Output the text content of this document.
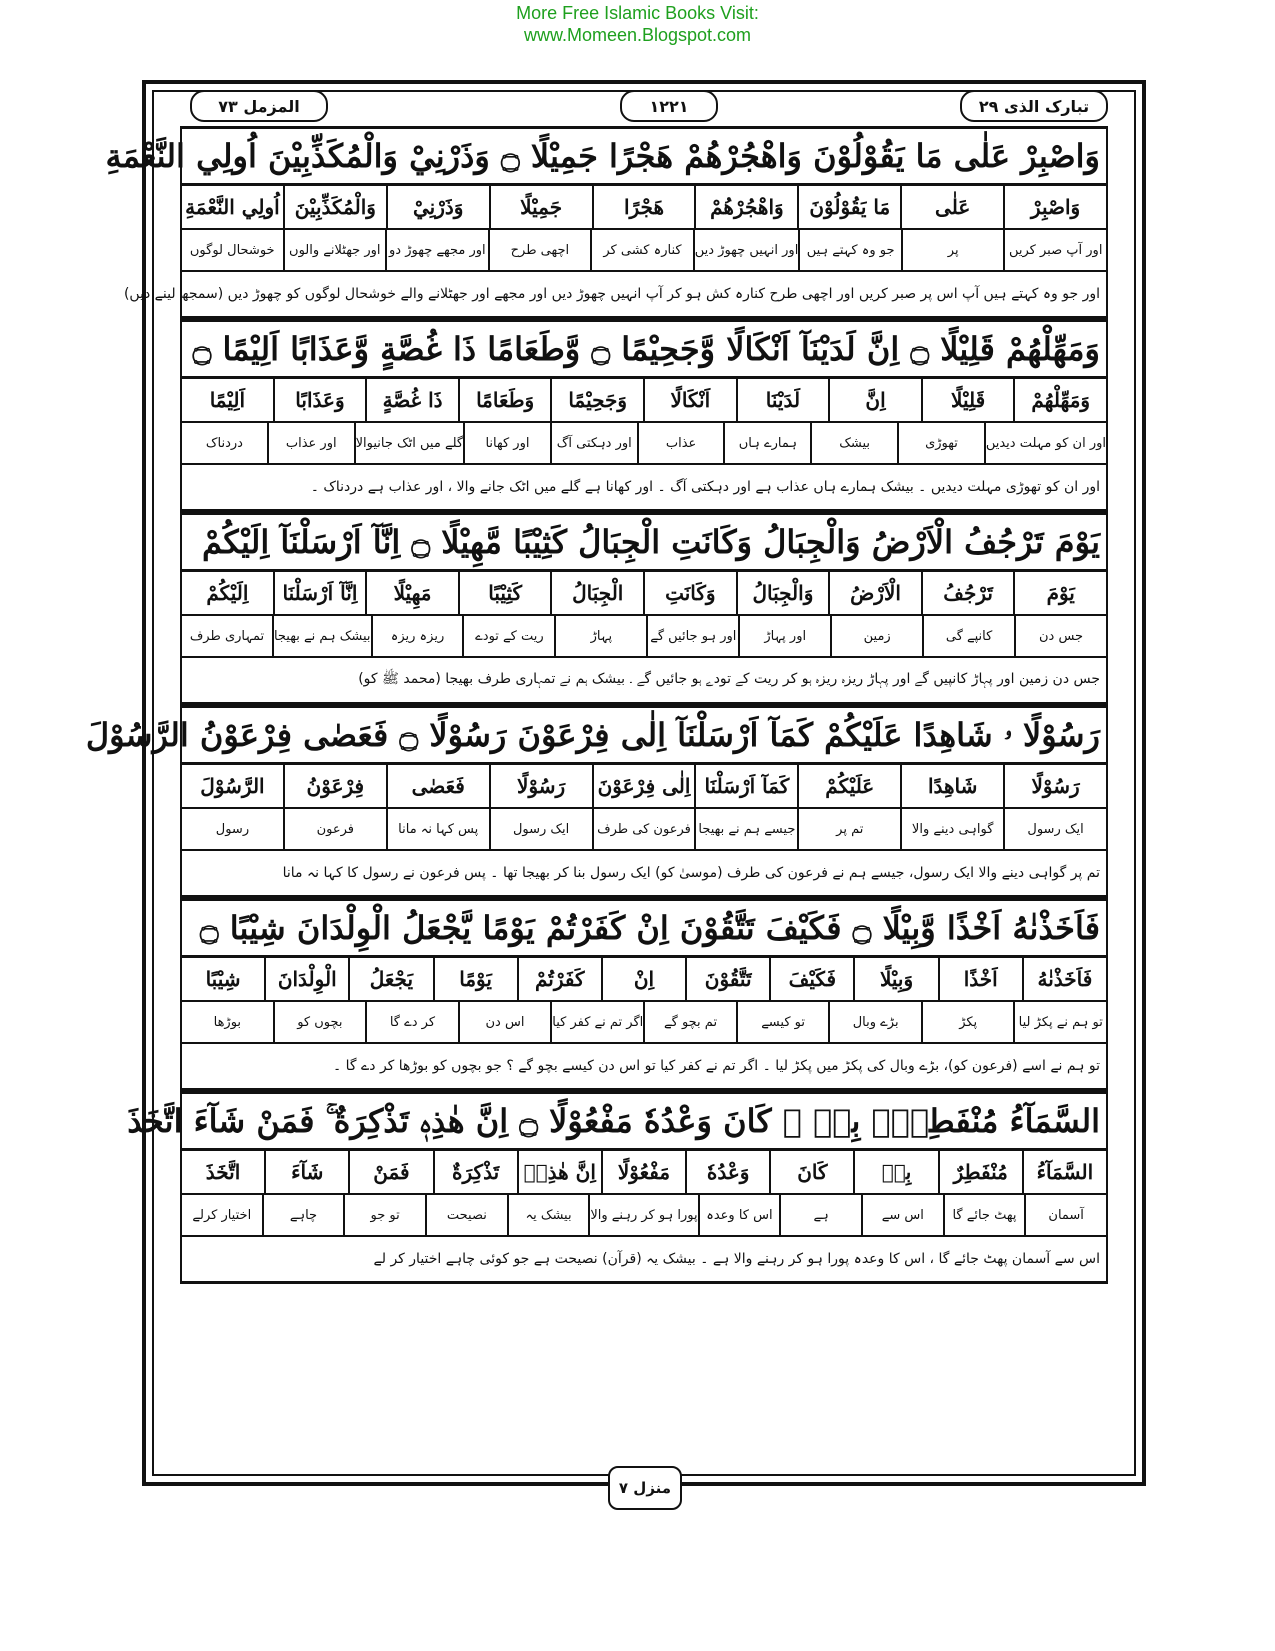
More Free Islamic Books Visit:
www.Momeen.Blogspot.com
المزمل ۷۳	۱۲۲۱	تبارک الذی ۲۹
وَاصْبِرْ عَلٰى مَا يَقُوْلُوْنَ وَاهْجُرْهُمْ هَجْرًا جَمِيْلًا ۝ وَذَرْنِيْ وَالْمُكَذِّبِيْنَ اُولِي النَّعْمَةِ
وَاصْبِرْ
عَلٰى
مَا يَقُوْلُوْنَ
وَاهْجُرْهُمْ
هَجْرًا
جَمِيْلًا
وَذَرْنِيْ
وَالْمُكَذِّبِيْنَ
اُولِي النَّعْمَةِ
اور آپ صبر کریں
پر
جو وہ کہتے ہیں
اور انہیں چھوڑ دیں
کنارہ کشی کر
اچھی طرح
اور مجھے چھوڑ دو
اور جھٹلانے والوں
خوشحال لوگوں
اور جو وہ کہتے ہیں آپ اس پر صبر کریں اور اچھی طرح کنارہ کش ہو کر آپ انہیں چھوڑ دیں اور مجھے اور جھٹلانے والے خوشحال لوگوں کو چھوڑ دیں (سمجھ لینے دیں)
وَمَهِّلْهُمْ قَلِيْلًا ۝ اِنَّ لَدَيْنَآ اَنْكَالًا وَّجَحِيْمًا ۝ وَّطَعَامًا ذَا غُصَّةٍ وَّعَذَابًا اَلِيْمًا ۝
وَمَهِّلْهُمْ
قَلِيْلًا
اِنَّ
لَدَيْنَا
اَنْكَالًا
وَجَحِيْمًا
وَطَعَامًا
ذَا غُصَّةٍ
وَعَذَابًا
اَلِيْمًا
اور ان کو مہلت دیدیں
تھوڑی
بیشک
ہمارے ہاں
عذاب
اور دہکتی آگ
اور کھانا
گلے میں اٹک جانیوالا
اور عذاب
دردناک
اور ان کو تھوڑی مہلت دیدیں ۔ بیشک ہمارے ہاں عذاب ہے اور دہکتی آگ ۔ اور کھانا ہے گلے میں اٹک جانے والا ، اور عذاب ہے دردناک ۔
يَوْمَ تَرْجُفُ الْاَرْضُ وَالْجِبَالُ وَكَانَتِ الْجِبَالُ كَثِيْبًا مَّهِيْلًا ۝ اِنَّآ اَرْسَلْنَآ اِلَيْكُمْ
يَوْمَ
تَرْجُفُ
الْاَرْضُ
وَالْجِبَالُ
وَكَانَتِ
الْجِبَالُ
كَثِيْبًا
مَهِيْلًا
اِنَّآ اَرْسَلْنَا
اِلَيْكُمْ
جس دن
کانپے گی
زمین
اور پہاڑ
اور ہو جائیں گے
پہاڑ
ریت کے تودے
ریزہ ریزہ
بیشک ہم نے بھیجا
تمہاری طرف
جس دن زمین اور پہاڑ کانپیں گے اور پہاڑ ریزہ ریزہ ہو کر ریت کے تودے ہو جائیں گے ۔ بیشک ہم نے تمہاری طرف بھیجا (محمد ﷺ کو)
رَسُوْلًا ۥ شَاهِدًا عَلَيْكُمْ كَمَآ اَرْسَلْنَآ اِلٰى فِرْعَوْنَ رَسُوْلًا ۝ فَعَصٰى فِرْعَوْنُ الرَّسُوْلَ
رَسُوْلًا
شَاهِدًا
عَلَيْكُمْ
كَمَآ اَرْسَلْنَا
اِلٰى فِرْعَوْنَ
رَسُوْلًا
فَعَصٰى
فِرْعَوْنُ
الرَّسُوْلَ
ایک رسول
گواہی دینے والا
تم پر
جیسے ہم نے بھیجا
فرعون کی طرف
ایک رسول
پس کہا نہ مانا
فرعون
رسول
تم پر گواہی دینے والا ایک رسول، جیسے ہم نے فرعون کی طرف (موسیٰ کو) ایک رسول بنا کر بھیجا تھا ۔ پس فرعون نے رسول کا کہا نہ مانا
فَاَخَذْنٰهُ اَخْذًا وَّبِيْلًا ۝ فَكَيْفَ تَتَّقُوْنَ اِنْ كَفَرْتُمْ يَوْمًا يَّجْعَلُ الْوِلْدَانَ شِيْبًا ۝
فَاَخَذْنٰهُ
اَخْذًا
وَبِيْلًا
فَكَيْفَ
تَتَّقُوْنَ
اِنْ
كَفَرْتُمْ
يَوْمًا
يَجْعَلُ
الْوِلْدَانَ
شِيْبًا
تو ہم نے پکڑ لیا
پکڑ
بڑے وبال
تو کیسے
تم بچو گے
اگر تم نے کفر کیا
اس دن
کر دے گا
بچوں کو
بوڑھا
تو ہم نے اسے (فرعون کو)، بڑے وبال کی پکڑ میں پکڑ لیا ۔ اگر تم نے کفر کیا تو اس دن کیسے بچو گے ؟ جو بچوں کو بوڑھا کر دے گا ۔
السَّمَآءُ مُنْفَطِرٌۢ بِهٖ ۗ كَانَ وَعْدُهٗ مَفْعُوْلًا ۝ اِنَّ هٰذِهٖ تَذْكِرَةٌ ۚ فَمَنْ شَآءَ اتَّخَذَ
السَّمَآءُ
مُنْفَطِرٌ
بِهٖ
كَانَ
وَعْدُهٗ
مَفْعُوْلًا
اِنَّ هٰذِهٖ
تَذْكِرَةٌ
فَمَنْ
شَآءَ
اتَّخَذَ
آسمان
پھٹ جائے گا
اس سے
ہے
اس کا وعدہ
پورا ہو کر رہنے والا
بیشک یہ
نصیحت
تو جو
چاہے
اختیار کرلے
اس سے آسمان پھٹ جائے گا ، اس کا وعدہ پورا ہو کر رہنے والا ہے ۔ بیشک یہ (قرآن) نصیحت ہے جو کوئی چاہے اختیار کر لے
منزل ۷
